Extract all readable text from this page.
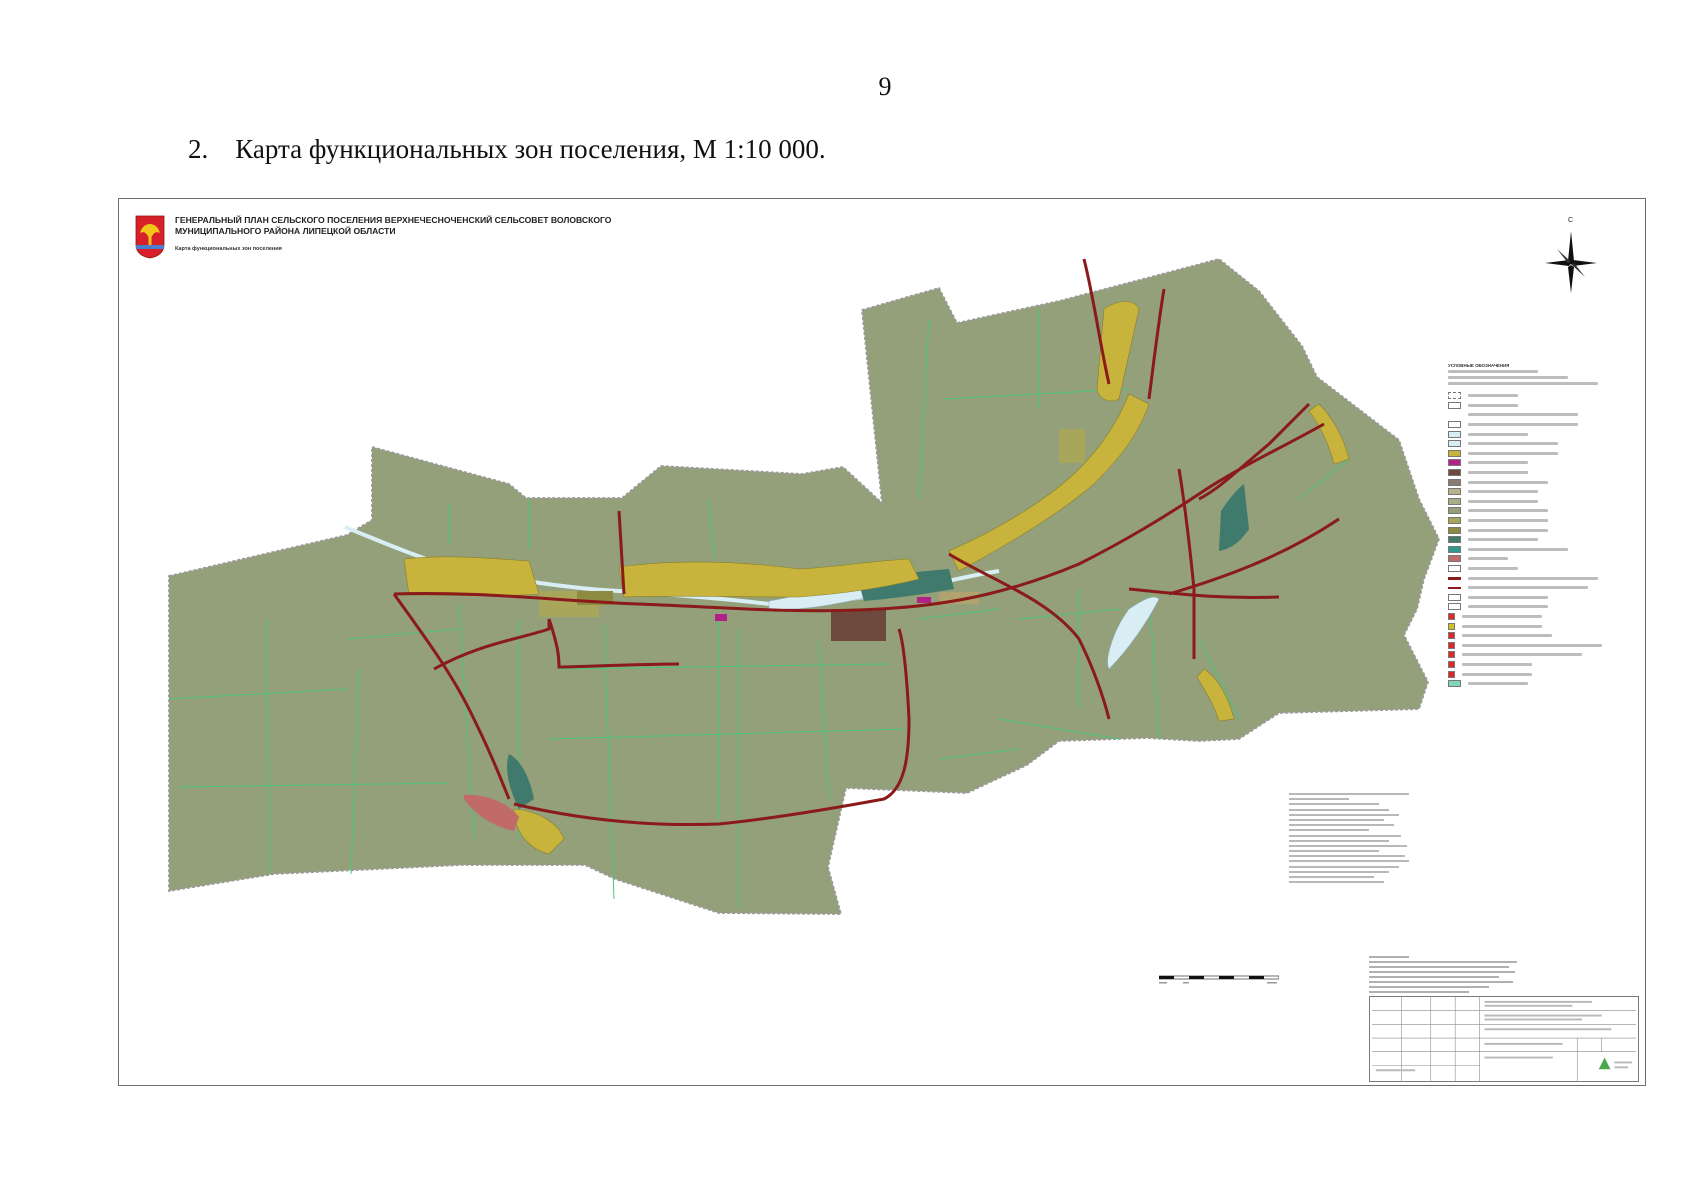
9
2. Карта функциональных зон поселения, М 1:10 000.
ГЕНЕРАЛЬНЫЙ ПЛАН СЕЛЬСКОГО ПОСЕЛЕНИЯ ВЕРХНЕЧЕСНОЧЕНСКИЙ СЕЛЬСОВЕТ ВОЛОВСКОГО МУНИЦИПАЛЬНОГО РАЙОНА ЛИПЕЦКОЙ ОБЛАСТИ
Карта функциональных зон поселения
С
УСЛОВНЫЕ ОБОЗНАЧЕНИЯ
